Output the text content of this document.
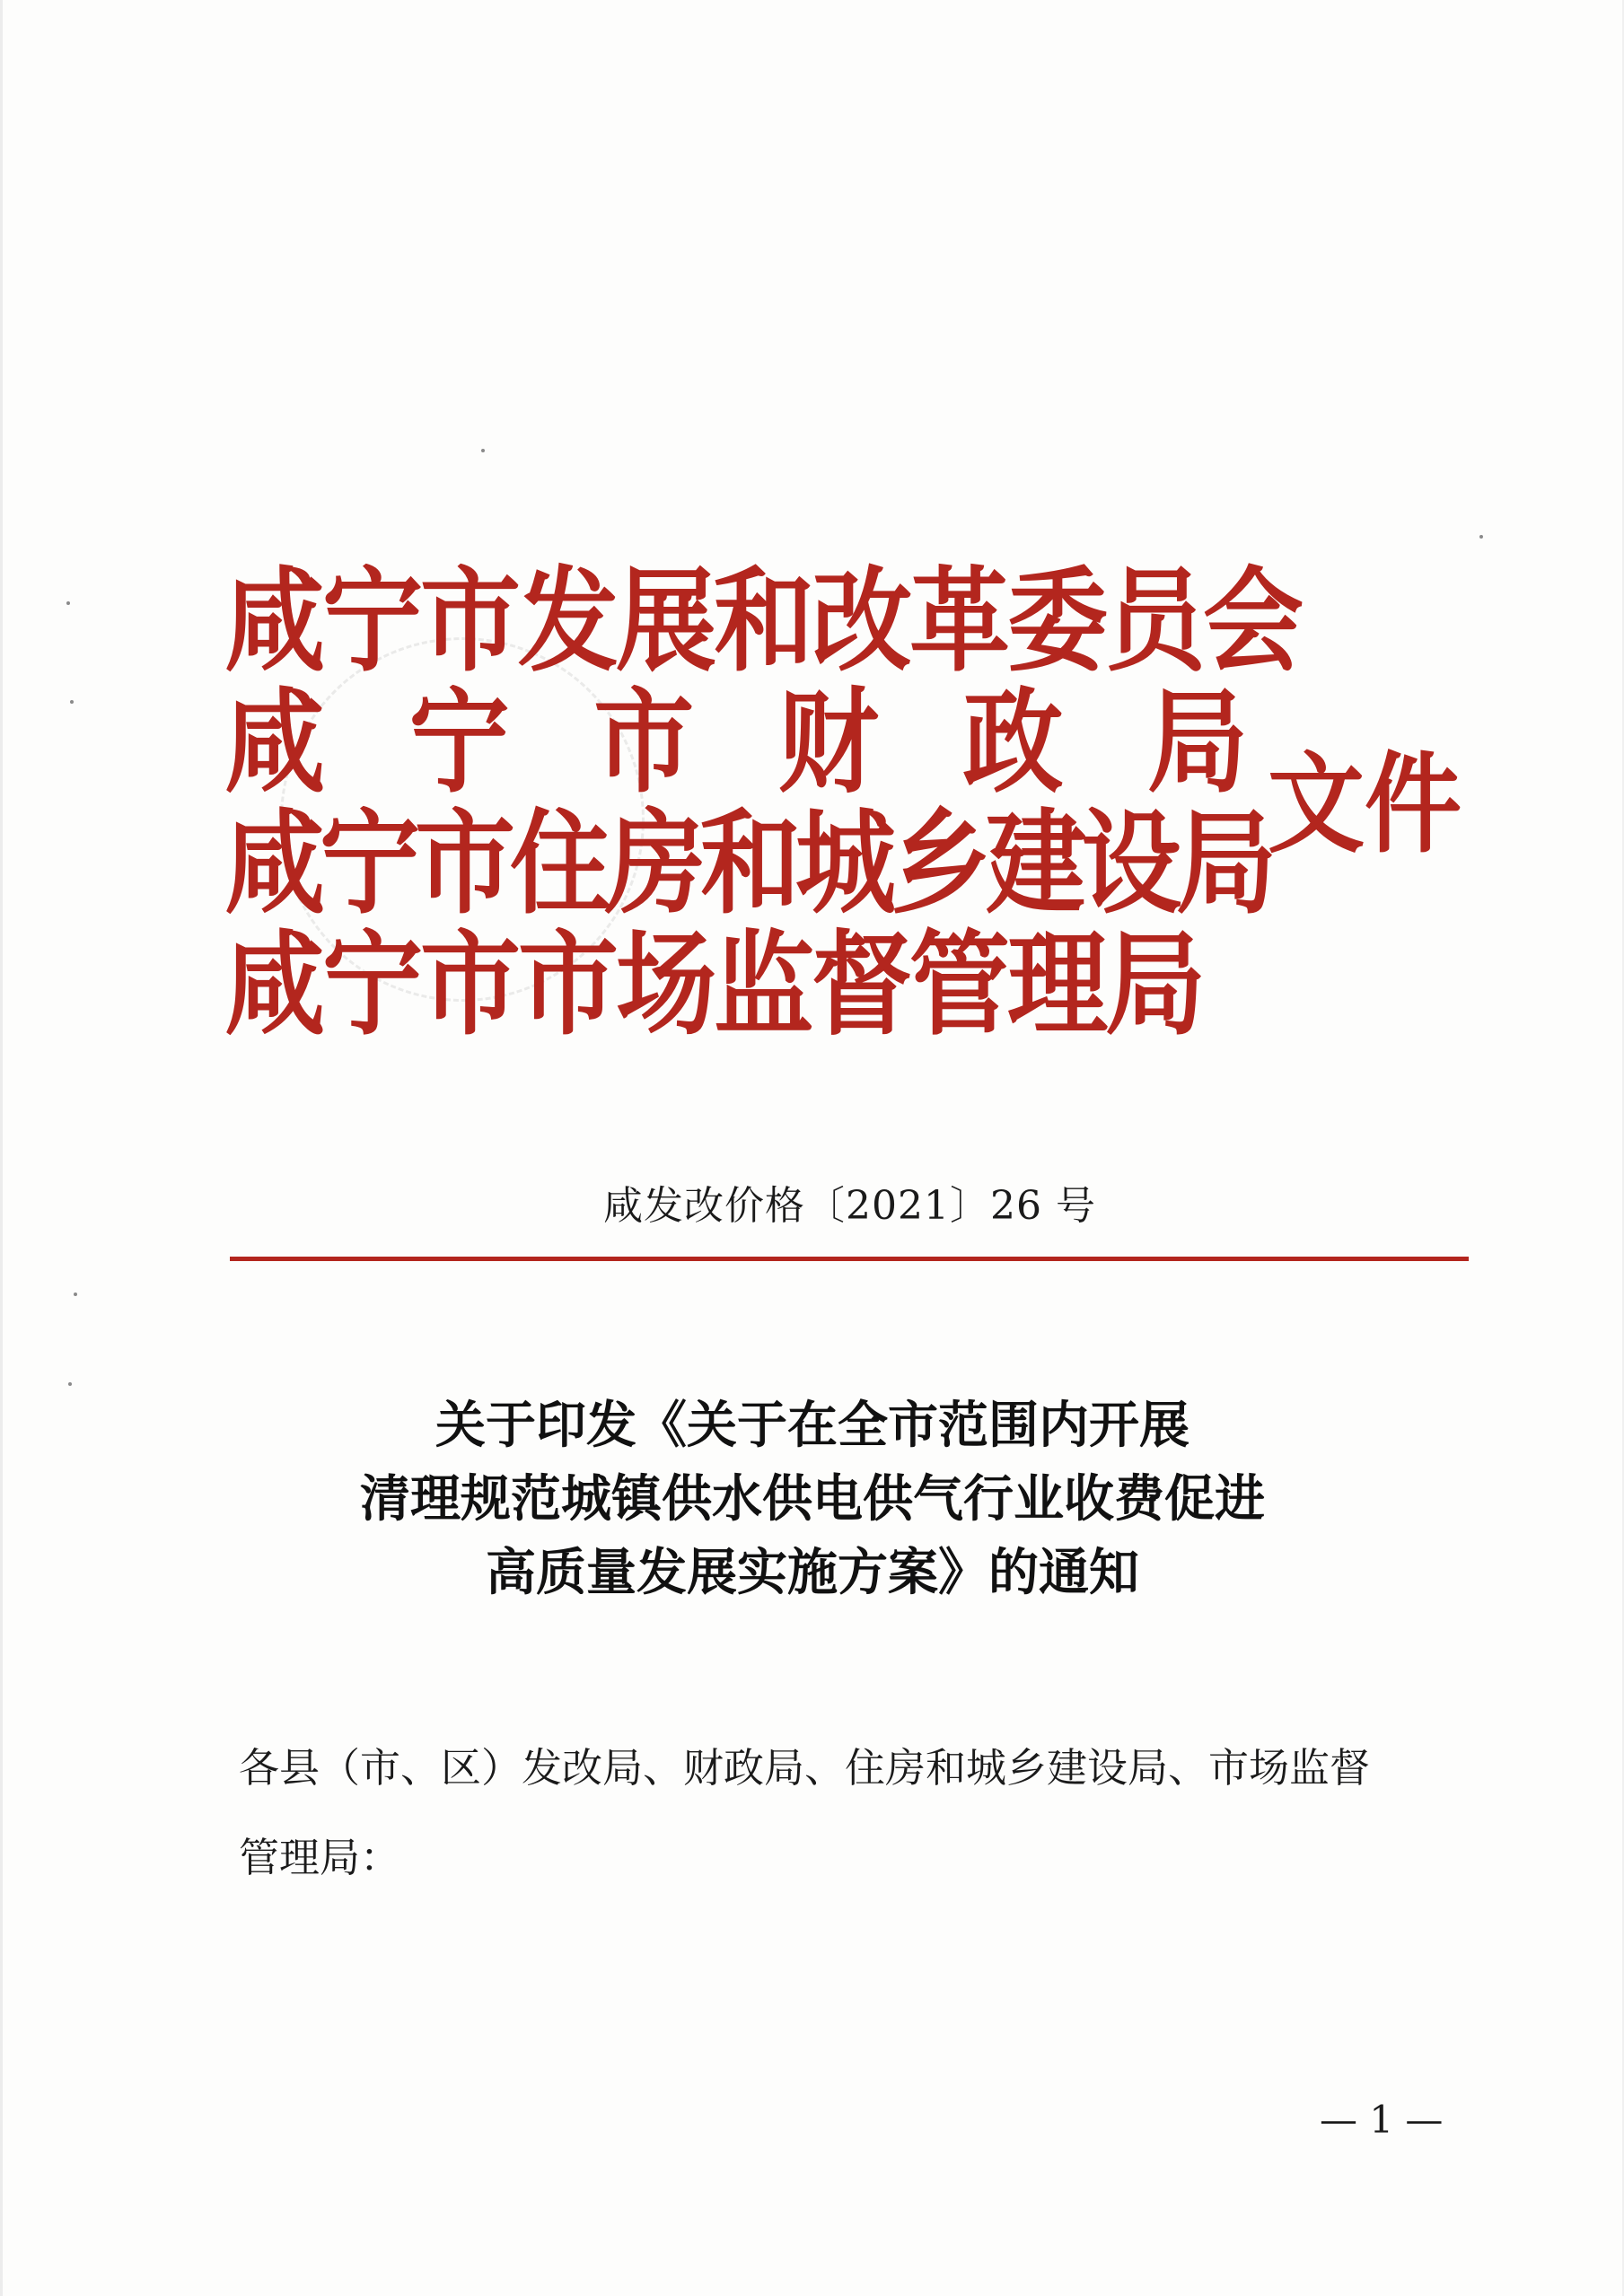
咸宁市发展和改革委员会
咸 宁 市 财 政 局
咸宁市住房和城乡建设局
咸宁市市场监督管理局
文件
咸发改价格〔2021〕26 号
关于印发《关于在全市范围内开展
清理规范城镇供水供电供气行业收费促进
高质量发展实施方案》的通知
各县（市、区）发改局、财政局、住房和城乡建设局、市场监督
管理局：
— 1 —
